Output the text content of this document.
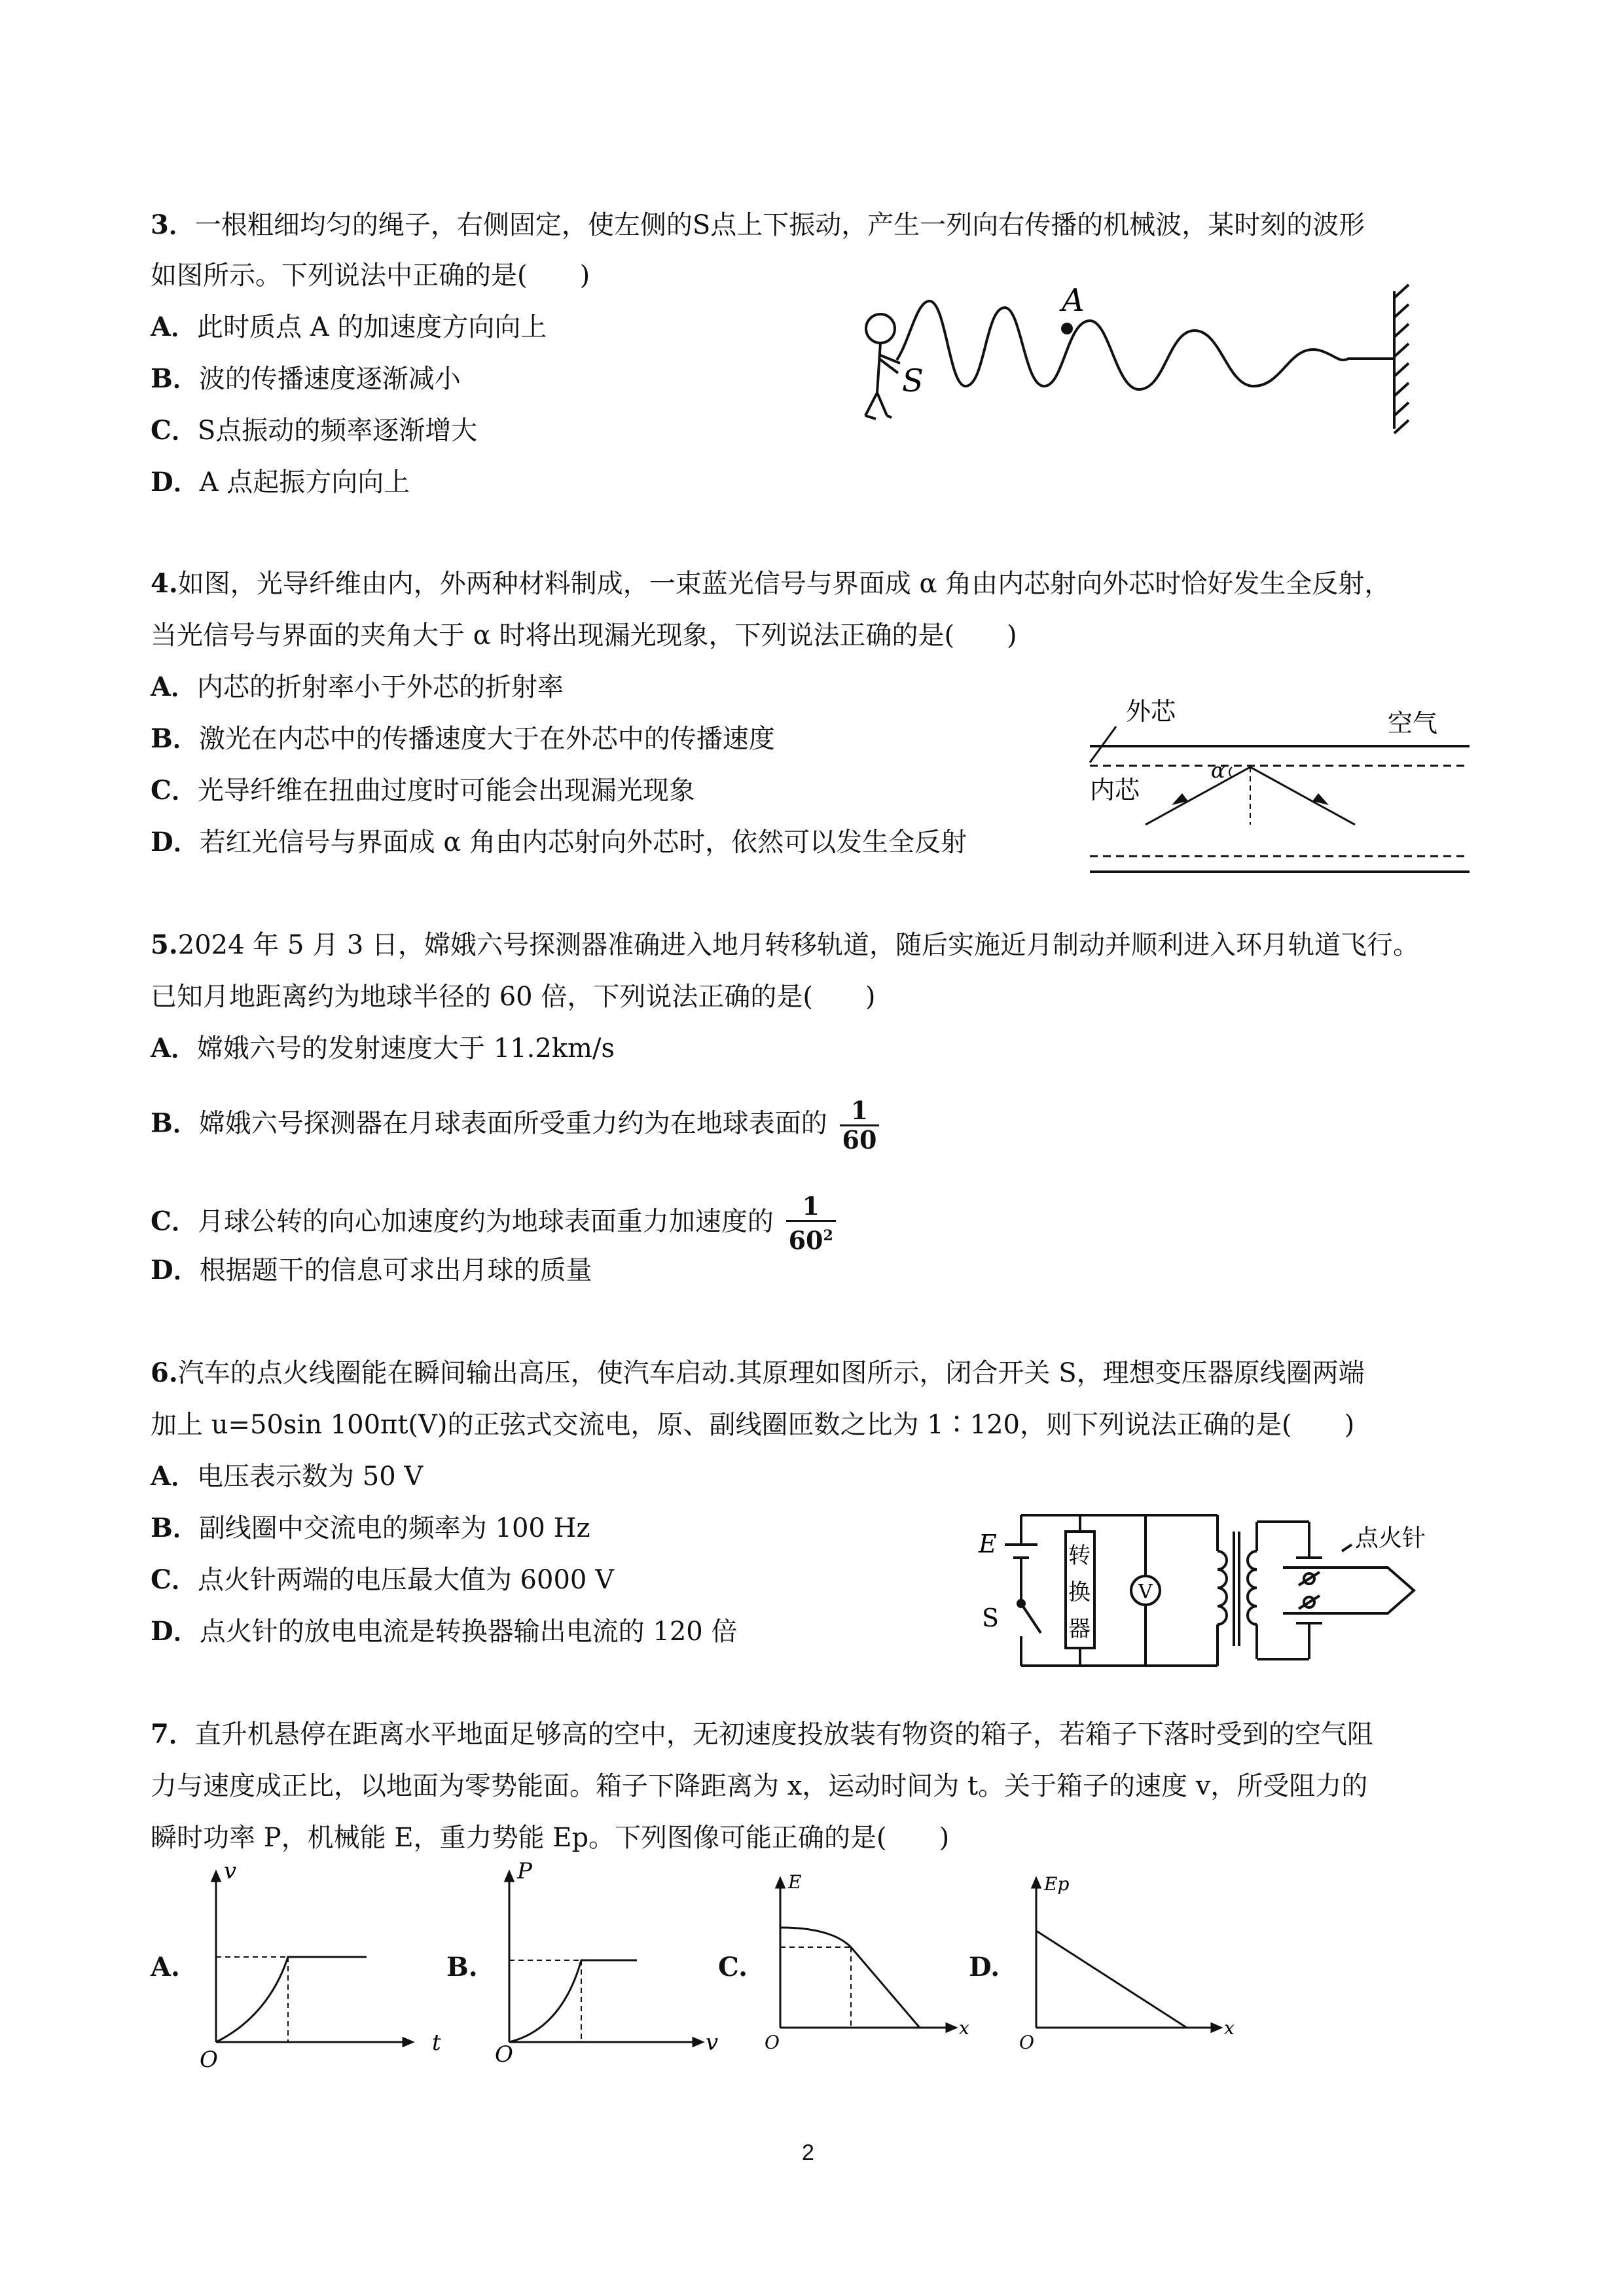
3．一根粗细均匀的绳子，右侧固定，使左侧的S点上下振动，产生一列向右传播的机械波，某时刻的波形
如图所示。下列说法中正确的是(　　)
A．此时质点 A 的加速度方向向上
B．波的传播速度逐渐减小
C．S点振动的频率逐渐增大
D．A 点起振方向向上
A
S
4.如图，光导纤维由内，外两种材料制成，一束蓝光信号与界面成 α 角由内芯射向外芯时恰好发生全反射，
当光信号与界面的夹角大于 α 时将出现漏光现象，下列说法正确的是(　　)
A．内芯的折射率小于外芯的折射率
B．激光在内芯中的传播速度大于在外芯中的传播速度
C．光导纤维在扭曲过度时可能会出现漏光现象
D．若红光信号与界面成 α 角由内芯射向外芯时，依然可以发生全反射
外芯	空气
内芯
α
5.2024 年 5 月 3 日，嫦娥六号探测器准确进入地月转移轨道，随后实施近月制动并顺利进入环月轨道飞行。
已知月地距离约为地球半径的 60 倍，下列说法正确的是(　　)
A．嫦娥六号的发射速度大于 11.2km/s
B．嫦娥六号探测器在月球表面所受重力约为在地球表面的 $\frac{1}{60}$
C．月球公转的向心加速度约为地球表面重力加速度的 $\frac{1}{60^2}$
D．根据题干的信息可求出月球的质量
6.汽车的点火线圈能在瞬间输出高压，使汽车启动.其原理如图所示，闭合开关 S，理想变压器原线圈两端
加上 u=50sin 100πt(V)的正弦式交流电，原、副线圈匝数之比为 1∶120，则下列说法正确的是(　　)
A．电压表示数为 50 V
B．副线圈中交流电的频率为 100 Hz
C．点火针两端的电压最大值为 6000 V
D．点火针的放电电流是转换器输出电流的 120 倍
E
S
转
换
器
V
点火针
7．直升机悬停在距离水平地面足够高的空中，无初速度投放装有物资的箱子，若箱子下落时受到的空气阻
力与速度成正比，以地面为零势能面。箱子下降距离为 x，运动时间为 t。关于箱子的速度 v，所受阻力的
瞬时功率 P，机械能 E，重力势能 Ep。下列图像可能正确的是(　　)
A.
v
t
O
B.
P
v
O
C.
E
x
O
D.
Ep
x
O
2
